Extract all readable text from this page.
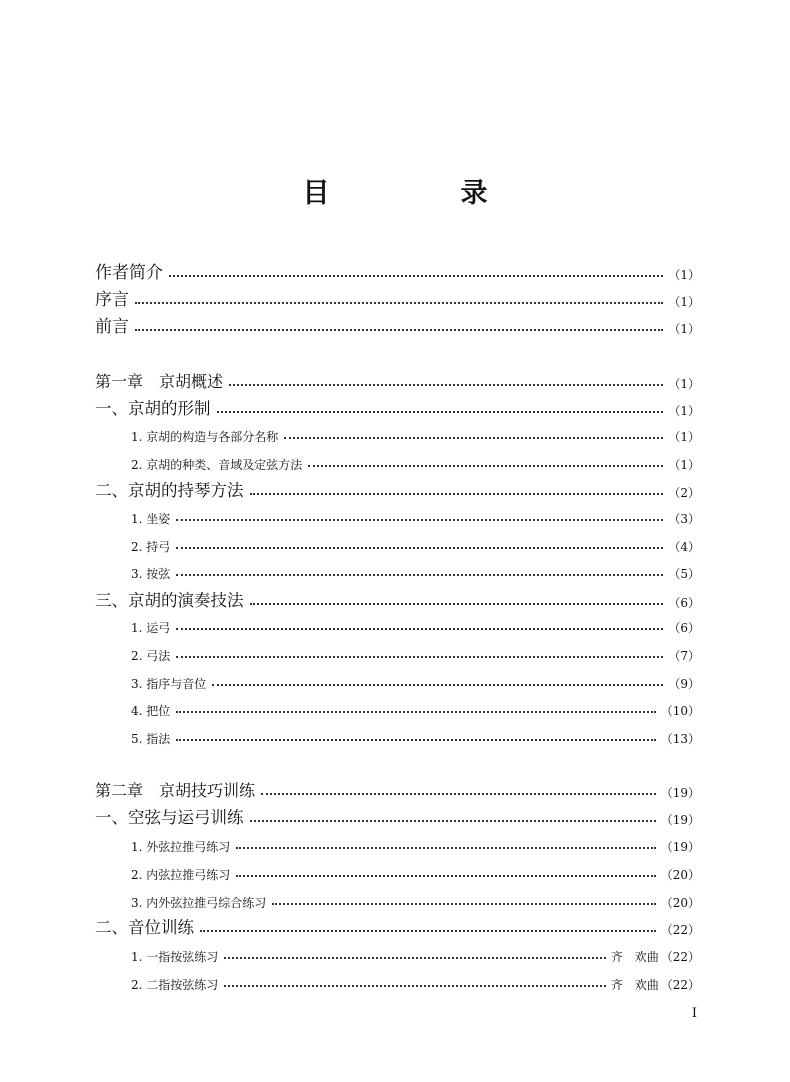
目　录
作者简介	（1）
序言	（1）
前言	（1）
第一章　京胡概述	（1）
一、京胡的形制	（1）
1. 京胡的构造与各部分名称	（1）
2. 京胡的种类、音域及定弦方法	（1）
二、京胡的持琴方法	（2）
1. 坐姿	（3）
2. 持弓	（4）
3. 按弦	（5）
三、京胡的演奏技法	（6）
1. 运弓	（6）
2. 弓法	（7）
3. 指序与音位	（9）
4. 把位	（10）
5. 指法	（13）
第二章　京胡技巧训练	（19）
一、空弦与运弓训练	（19）
1. 外弦拉推弓练习	（19）
2. 内弦拉推弓练习	（20）
3. 内外弦拉推弓综合练习	（20）
二、音位训练	（22）
1. 一指按弦练习	齐　欢曲 （22）
2. 二指按弦练习	齐　欢曲 （22）
I
